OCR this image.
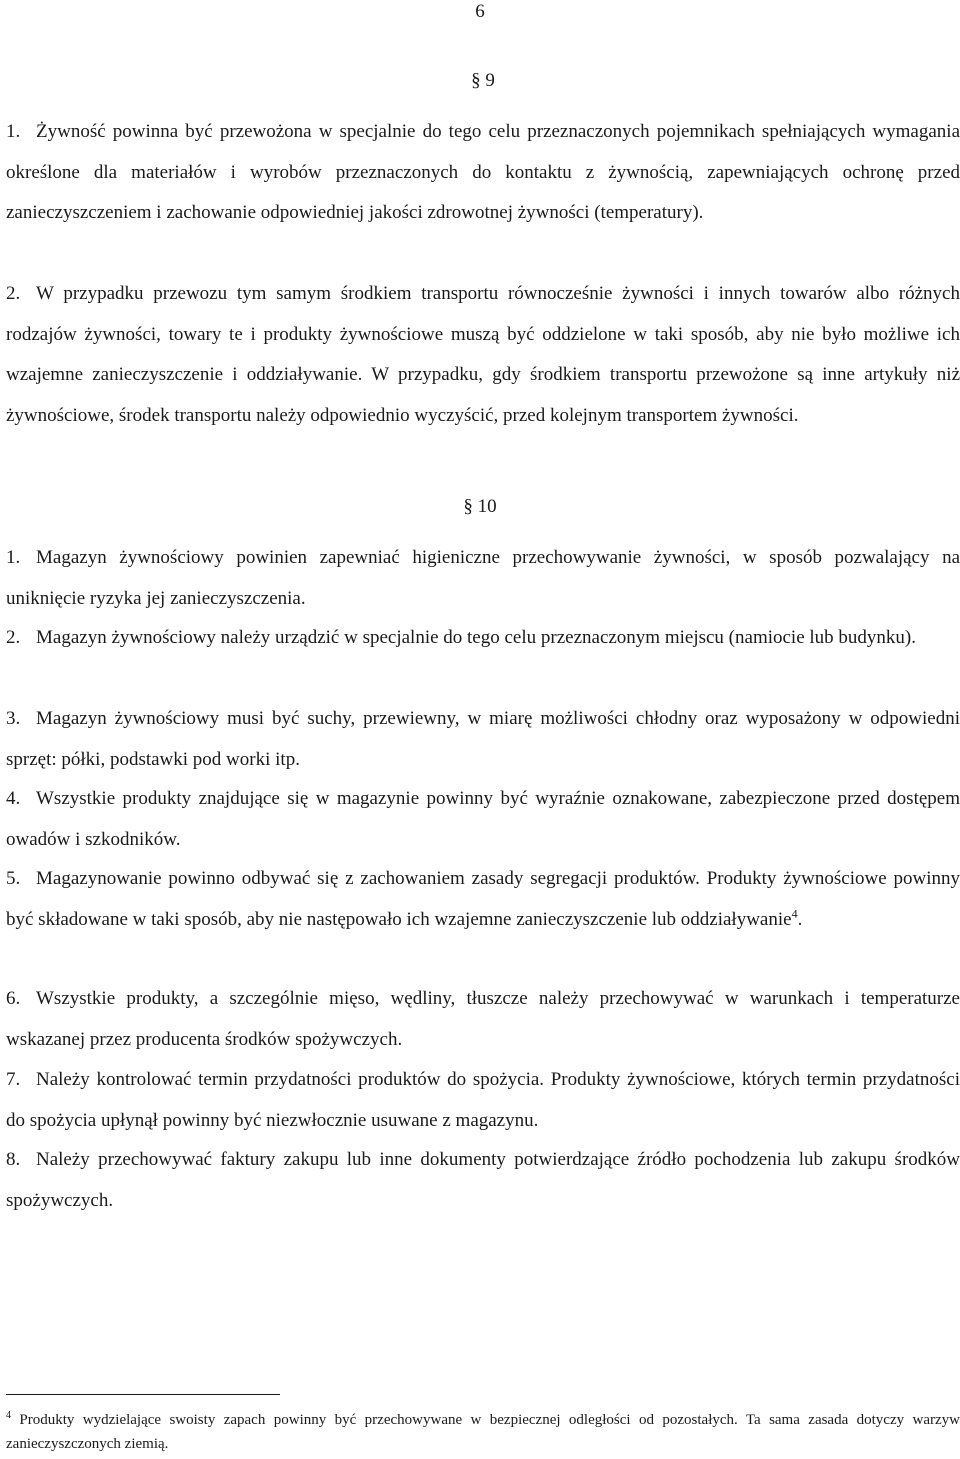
6
§ 9

1. Żywność powinna być przewożona w specjalnie do tego celu przeznaczonych pojemnikach spełniających wymagania określone dla materiałów i wyrobów przeznaczonych do kontaktu z żywnością, zapewniających ochronę przed zanieczyszczeniem i zachowanie odpowiedniej jakości zdrowotnej żywności (temperatury).

2. W przypadku przewozu tym samym środkiem transportu równocześnie żywności i innych towarów albo różnych rodzajów żywności, towary te i produkty żywnościowe muszą być oddzielone w taki sposób, aby nie było możliwe ich wzajemne zanieczyszczenie i oddziaływanie. W przypadku, gdy środkiem transportu przewożone są inne artykuły niż żywnościowe, środek transportu należy odpowiednio wyczyścić, przed kolejnym transportem żywności.

§ 10

1. Magazyn żywnościowy powinien zapewniać higieniczne przechowywanie żywności, w sposób pozwalający na uniknięcie ryzyka jej zanieczyszczenia.

2. Magazyn żywnościowy należy urządzić w specjalnie do tego celu przeznaczonym miejscu (namiocie lub budynku).

3. Magazyn żywnościowy musi być suchy, przewiewny, w miarę możliwości chłodny oraz wyposażony w odpowiedni sprzęt: półki, podstawki pod worki itp.

4. Wszystkie produkty znajdujące się w magazynie powinny być wyraźnie oznakowane, zabezpieczone przed dostępem owadów i szkodników.

5. Magazynowanie powinno odbywać się z zachowaniem zasady segregacji produktów. Produkty żywnościowe powinny być składowane w taki sposób, aby nie następowało ich wzajemne zanieczyszczenie lub oddziaływanie$^4$.

6. Wszystkie produkty, a szczególnie mięso, wędliny, tłuszcze należy przechowywać w warunkach i temperaturze wskazanej przez producenta środków spożywczych.

7. Należy kontrolować termin przydatności produktów do spożycia. Produkty żywnościowe, których termin przydatności do spożycia upłynął powinny być niezwłocznie usuwane z magazynu.

8. Należy przechowywać faktury zakupu lub inne dokumenty potwierdzające źródło pochodzenia lub zakupu środków spożywczych.

$^4$ Produkty wydzielające swoisty zapach powinny być przechowywane w bezpiecznej odległości od pozostałych. Ta sama zasada dotyczy warzyw zanieczyszczonych ziemią.
